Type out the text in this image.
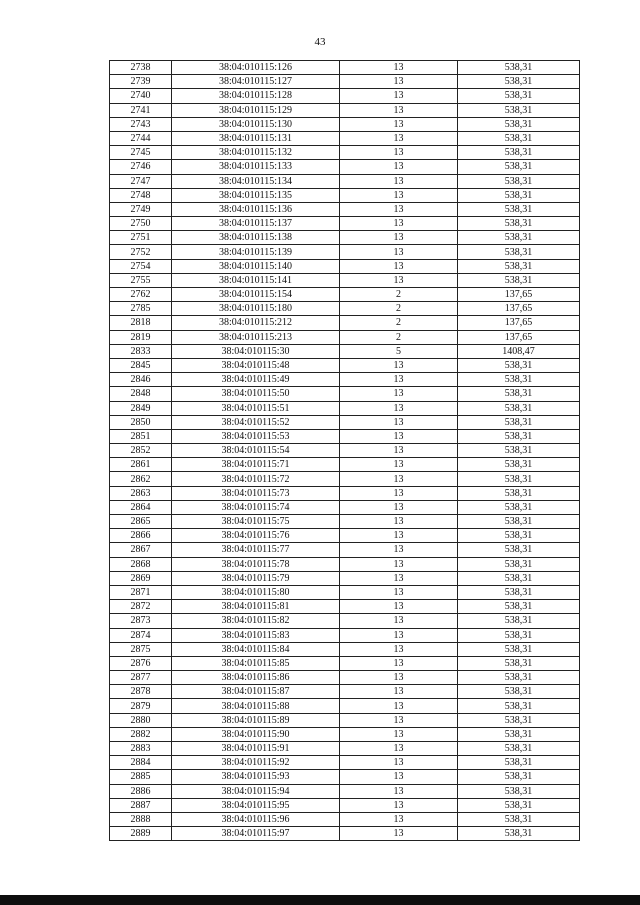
43
2738	38:04:010115:126	13	538,31
2739	38:04:010115:127	13	538,31
2740	38:04:010115:128	13	538,31
2741	38:04:010115:129	13	538,31
2743	38:04:010115:130	13	538,31
2744	38:04:010115:131	13	538,31
2745	38:04:010115:132	13	538,31
2746	38:04:010115:133	13	538,31
2747	38:04:010115:134	13	538,31
2748	38:04:010115:135	13	538,31
2749	38:04:010115:136	13	538,31
2750	38:04:010115:137	13	538,31
2751	38:04:010115:138	13	538,31
2752	38:04:010115:139	13	538,31
2754	38:04:010115:140	13	538,31
2755	38:04:010115:141	13	538,31
2762	38:04:010115:154	2	137,65
2785	38:04:010115:180	2	137,65
2818	38:04:010115:212	2	137,65
2819	38:04:010115:213	2	137,65
2833	38:04:010115:30	5	1408,47
2845	38:04:010115:48	13	538,31
2846	38:04:010115:49	13	538,31
2848	38:04:010115:50	13	538,31
2849	38:04:010115:51	13	538,31
2850	38:04:010115:52	13	538,31
2851	38:04:010115:53	13	538,31
2852	38:04:010115:54	13	538,31
2861	38:04:010115:71	13	538,31
2862	38:04:010115:72	13	538,31
2863	38:04:010115:73	13	538,31
2864	38:04:010115:74	13	538,31
2865	38:04:010115:75	13	538,31
2866	38:04:010115:76	13	538,31
2867	38:04:010115:77	13	538,31
2868	38:04:010115:78	13	538,31
2869	38:04:010115:79	13	538,31
2871	38:04:010115:80	13	538,31
2872	38:04:010115:81	13	538,31
2873	38:04:010115:82	13	538,31
2874	38:04:010115:83	13	538,31
2875	38:04:010115:84	13	538,31
2876	38:04:010115:85	13	538,31
2877	38:04:010115:86	13	538,31
2878	38:04:010115:87	13	538,31
2879	38:04:010115:88	13	538,31
2880	38:04:010115:89	13	538,31
2882	38:04:010115:90	13	538,31
2883	38:04:010115:91	13	538,31
2884	38:04:010115:92	13	538,31
2885	38:04:010115:93	13	538,31
2886	38:04:010115:94	13	538,31
2887	38:04:010115:95	13	538,31
2888	38:04:010115:96	13	538,31
2889	38:04:010115:97	13	538,31
